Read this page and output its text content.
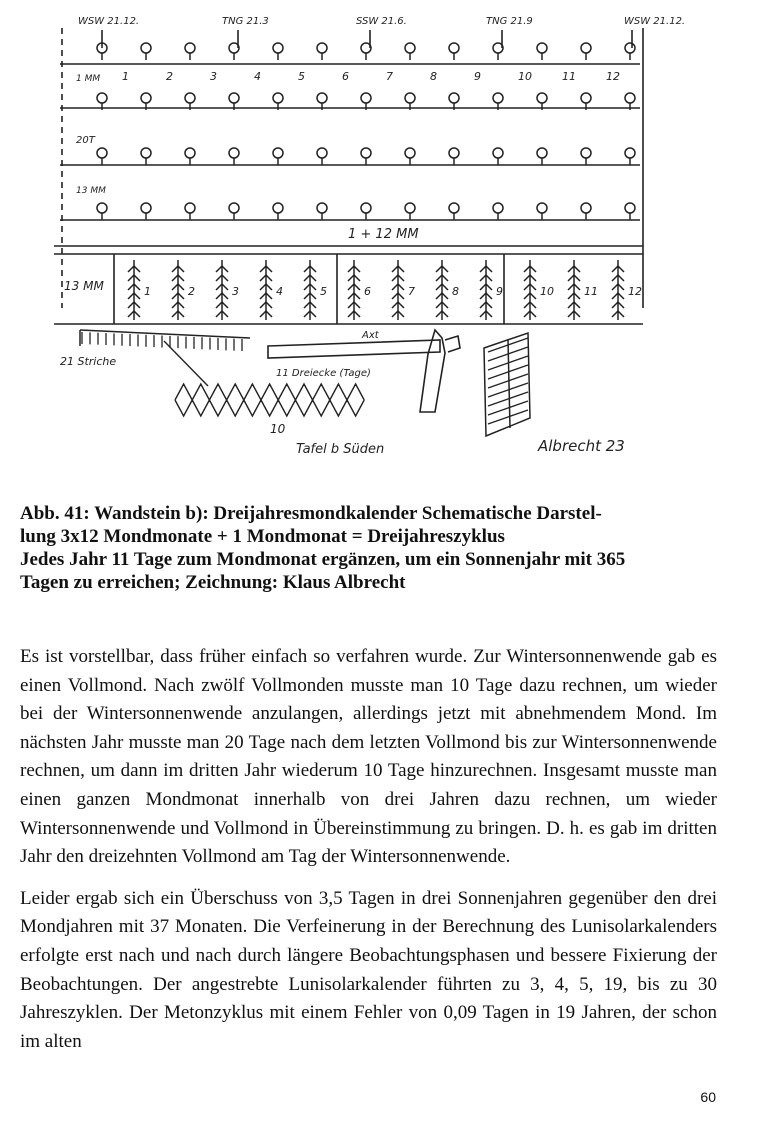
WSW 21.12.	TNG 21.3	SSW 21.6.	TNG 21.9	WSW 21.12.
1 MM 1	2	3	4	5	6	7	8	9	10	11	12
20T
13 MM
1 + 12 MM
13 MM	1	2	3	4	5	6	7	8	9	10	11	12
21 Striche
Axt
11 Dreiecke (Tage)
10
Tafel b Süden	Albrecht 23

Abb. 41: Wandstein b): Dreijahresmondkalender Schematische Darstel-

lung 3x12 Mondmonate + 1 Mondmonat = Dreijahreszyklus

Jedes Jahr 11 Tage zum Mondmonat ergänzen, um ein Sonnenjahr mit 365

Tagen zu erreichen; Zeichnung: Klaus Albrecht

Es ist vorstellbar, dass früher einfach so verfahren wurde. Zur Wintersonnenwende gab es einen Vollmond. Nach zwölf Vollmonden musste man 10 Tage dazu rechnen, um wieder bei der Wintersonnenwende anzulangen, allerdings jetzt mit abnehmendem Mond. Im nächsten Jahr musste man 20 Tage nach dem letzten Vollmond bis zur Wintersonnenwende rechnen, um dann im dritten Jahr wiederum 10 Tage hinzurechnen. Insgesamt musste man einen ganzen Mondmonat innerhalb von drei Jahren dazu rechnen, um wieder Wintersonnenwende und Vollmond in Übereinstimmung zu bringen. D. h. es gab im dritten Jahr den dreizehnten Vollmond am Tag der Wintersonnenwende.

Leider ergab sich ein Überschuss von 3,5 Tagen in drei Sonnenjahren gegenüber den drei Mondjahren mit 37 Monaten. Die Verfeinerung in der Berechnung des Lunisolarkalenders erfolgte erst nach und nach durch längere Beobachtungsphasen und bessere Fixierung der Beobachtungen. Der angestrebte Lunisolarkalender führten zu 3, 4, 5, 19, bis zu 30 Jahreszyklen. Der Metonzyklus mit einem Fehler von 0,09 Tagen in 19 Jahren, der schon im alten

60
